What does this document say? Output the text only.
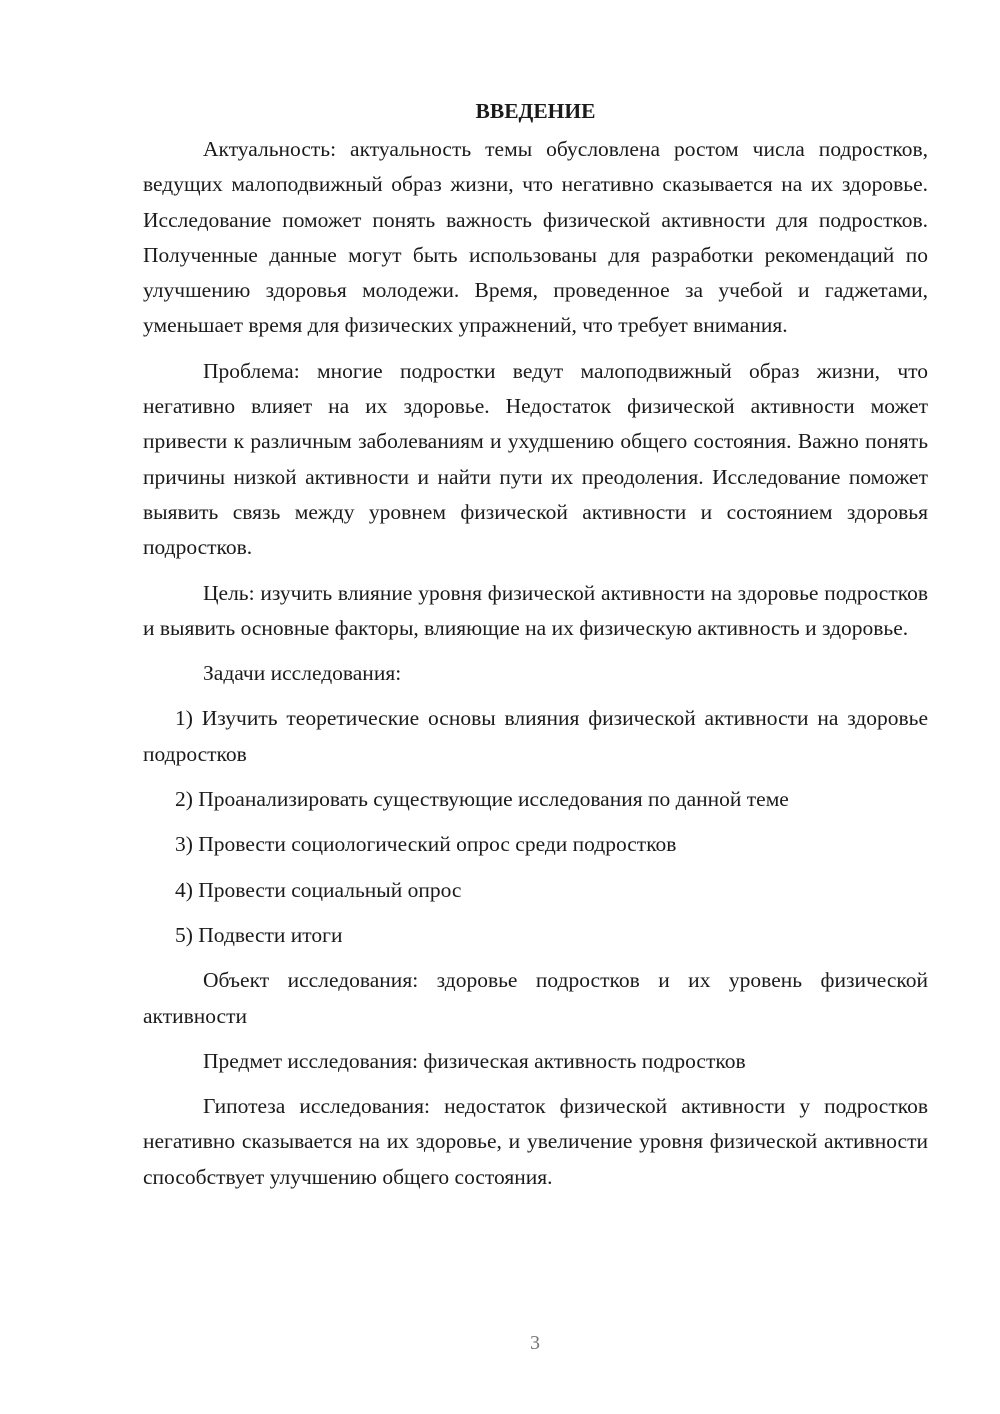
ВВЕДЕНИЕ

Актуальность: актуальность темы обусловлена ростом числа подростков, ведущих малоподвижный образ жизни, что негативно сказывается на их здоровье. Исследование поможет понять важность физической активности для подростков. Полученные данные могут быть использованы для разработки рекомендаций по улучшению здоровья молодежи. Время, проведенное за учебой и гаджетами, уменьшает время для физических упражнений, что требует внимания.

Проблема: многие подростки ведут малоподвижный образ жизни, что негативно влияет на их здоровье. Недостаток физической активности может привести к различным заболеваниям и ухудшению общего состояния. Важно понять причины низкой активности и найти пути их преодоления. Исследование поможет выявить связь между уровнем физической активности и состоянием здоровья подростков.

Цель: изучить влияние уровня физической активности на здоровье подростков и выявить основные факторы, влияющие на их физическую активность и здоровье.

Задачи исследования:

1) Изучить теоретические основы влияния физической активности на здоровье подростков

2) Проанализировать существующие исследования по данной теме

3) Провести социологический опрос среди подростков

4) Провести социальный опрос

5) Подвести итоги

Объект исследования: здоровье подростков и их уровень физической активности

Предмет исследования: физическая активность подростков

Гипотеза исследования: недостаток физической активности у подростков негативно сказывается на их здоровье, и увеличение уровня физической активности способствует улучшению общего состояния.

3
